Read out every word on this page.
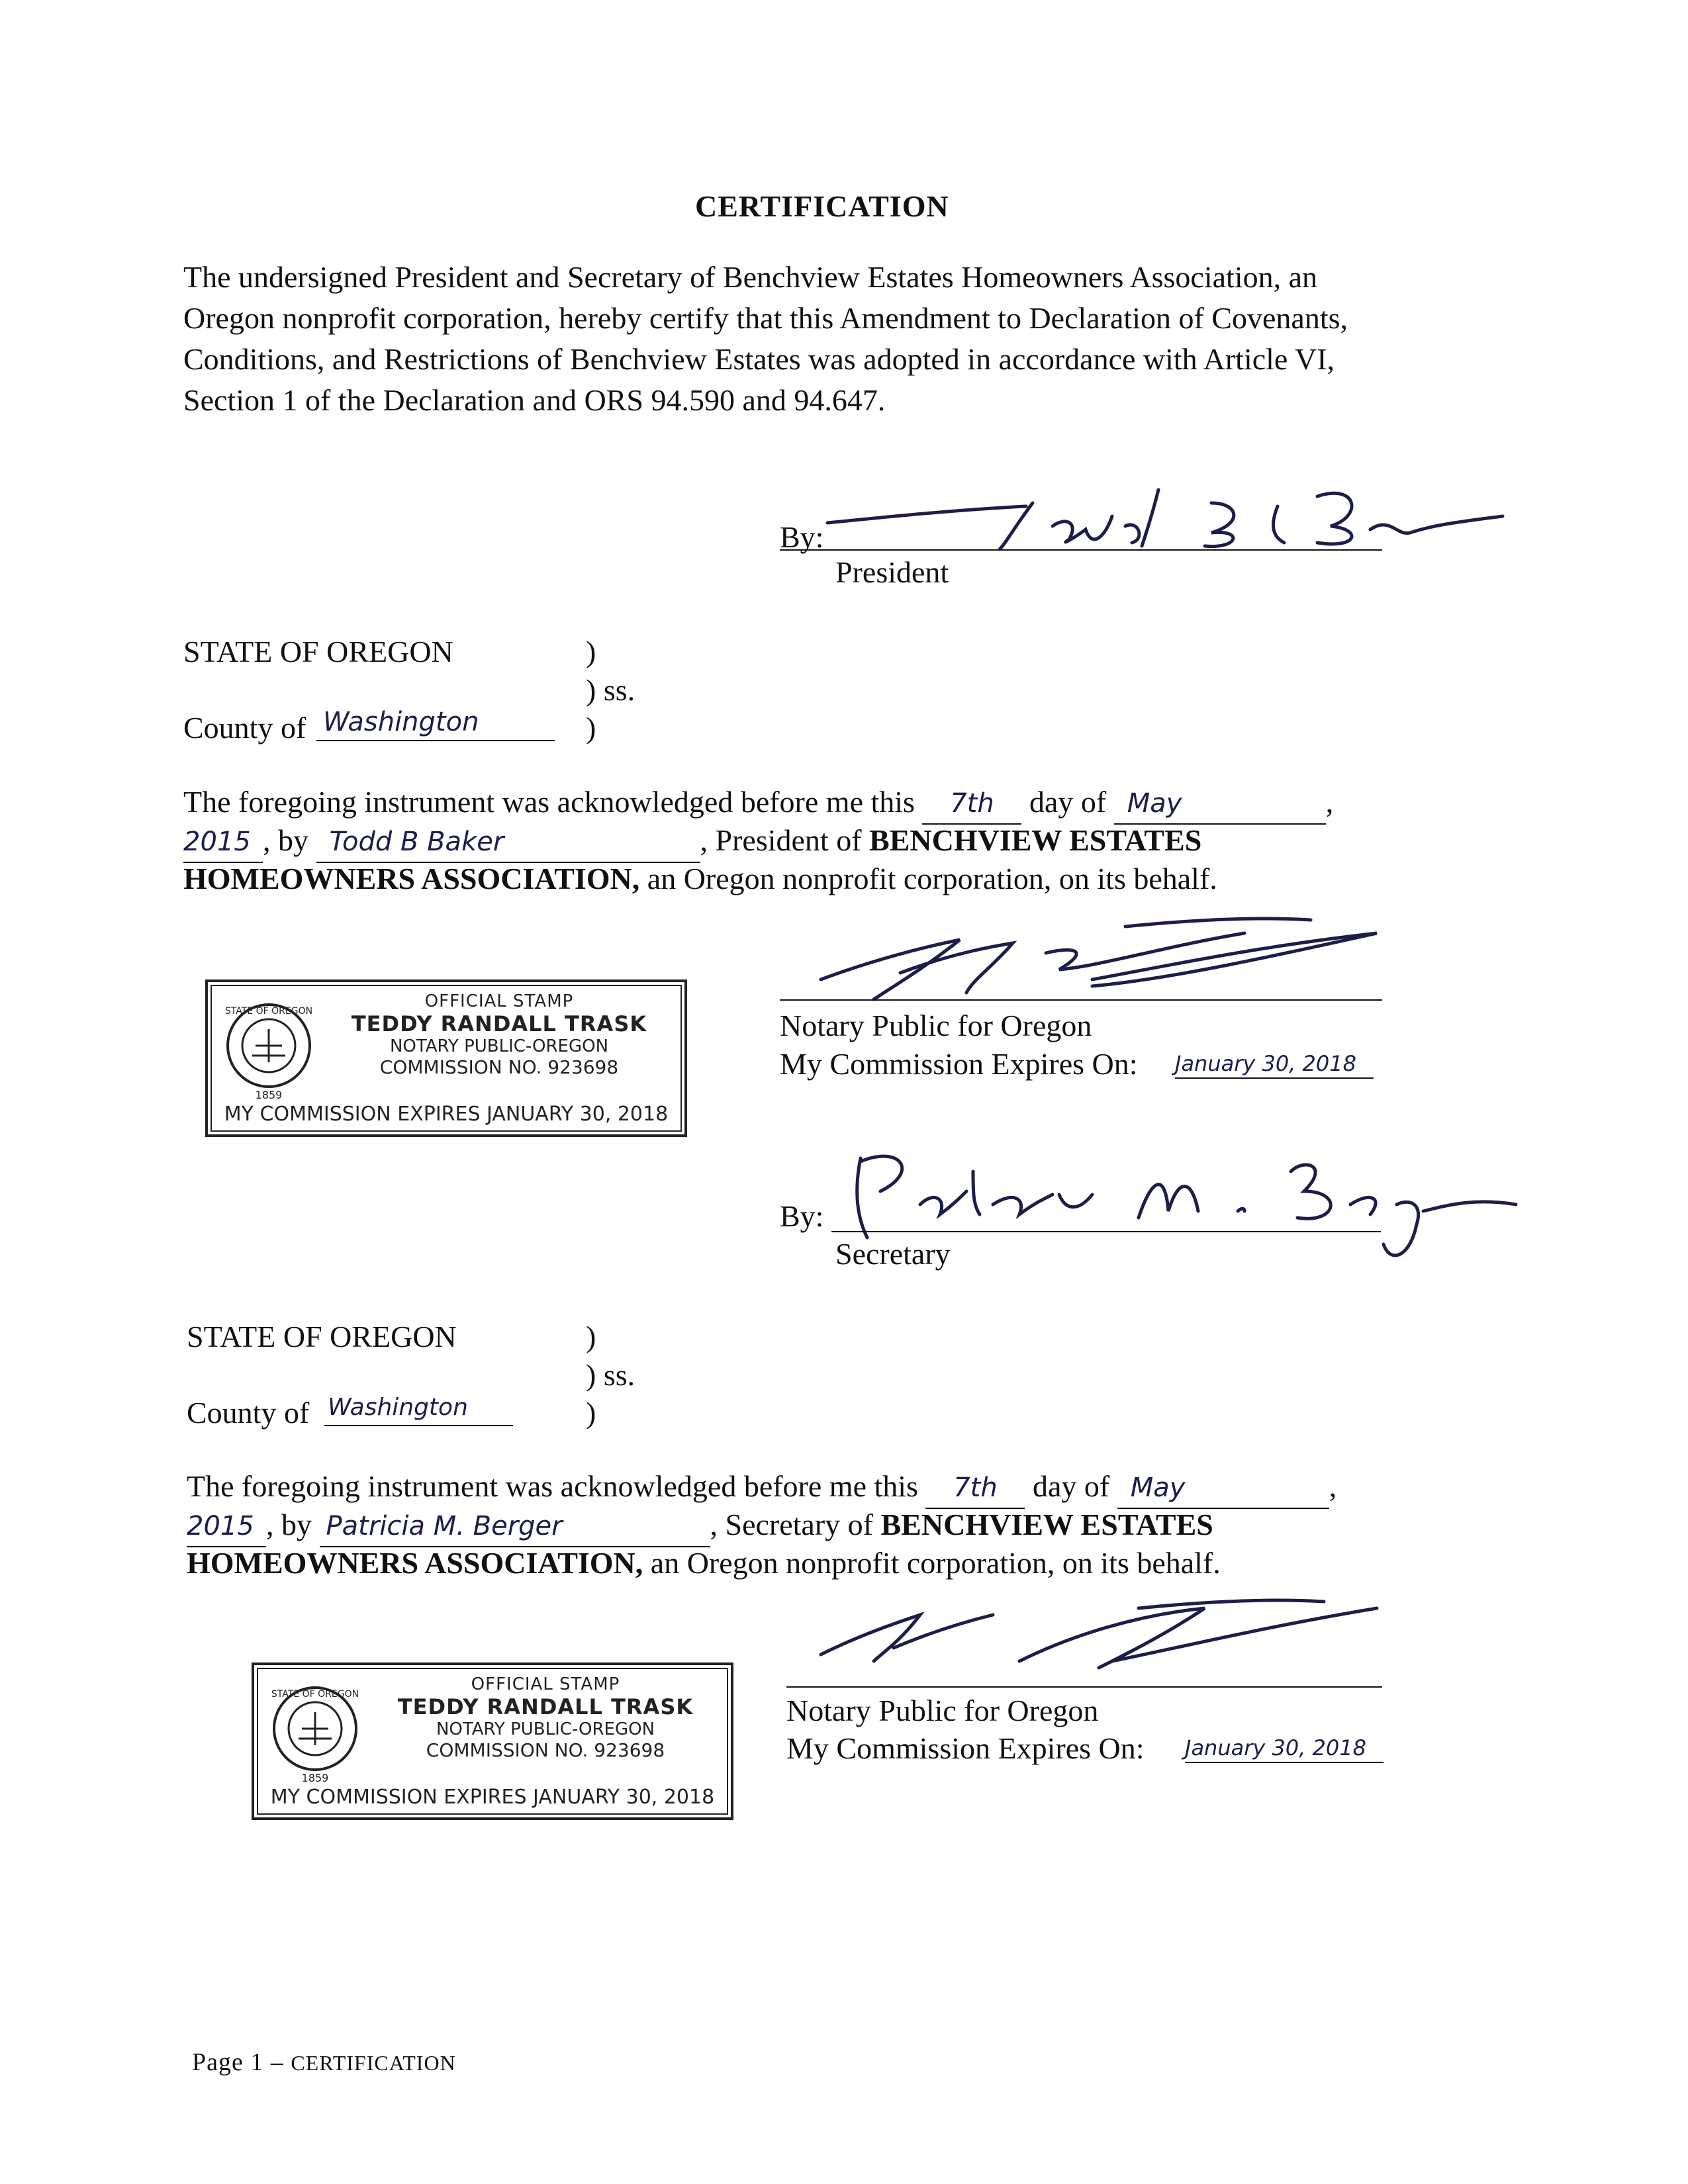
CERTIFICATION
The undersigned President and Secretary of Benchview Estates Homeowners Association, an
Oregon nonprofit corporation, hereby certify that this Amendment to Declaration of Covenants,
Conditions, and Restrictions of Benchview Estates was adopted in accordance with Article VI,
Section 1 of the Declaration and ORS 94.590 and 94.647.
By:
President
STATE OF OREGON	)
) ss.
County of Washington	)
The foregoing instrument was acknowledged before me this 7th day of May	,
2015 , by Todd B Baker	, President of BENCHVIEW ESTATES
HOMEOWNERS ASSOCIATION, an Oregon nonprofit corporation, on its behalf.
Notary Public for Oregon
My Commission Expires On: January 30, 2018
STATE OF OREGON
1859
OFFICIAL STAMP
TEDDY RANDALL TRASK
NOTARY PUBLIC-OREGON
COMMISSION NO. 923698
MY COMMISSION EXPIRES JANUARY 30, 2018
By:
Secretary
STATE OF OREGON	)
) ss.
County of Washington	)
The foregoing instrument was acknowledged before me this 7th day of May	,
2015 , by Patricia M. Berger	, Secretary of BENCHVIEW ESTATES
HOMEOWNERS ASSOCIATION, an Oregon nonprofit corporation, on its behalf.
Notary Public for Oregon
My Commission Expires On: January 30, 2018
STATE OF OREGON
1859
OFFICIAL STAMP
TEDDY RANDALL TRASK
NOTARY PUBLIC-OREGON
COMMISSION NO. 923698
MY COMMISSION EXPIRES JANUARY 30, 2018
Page 1 – CERTIFICATION
